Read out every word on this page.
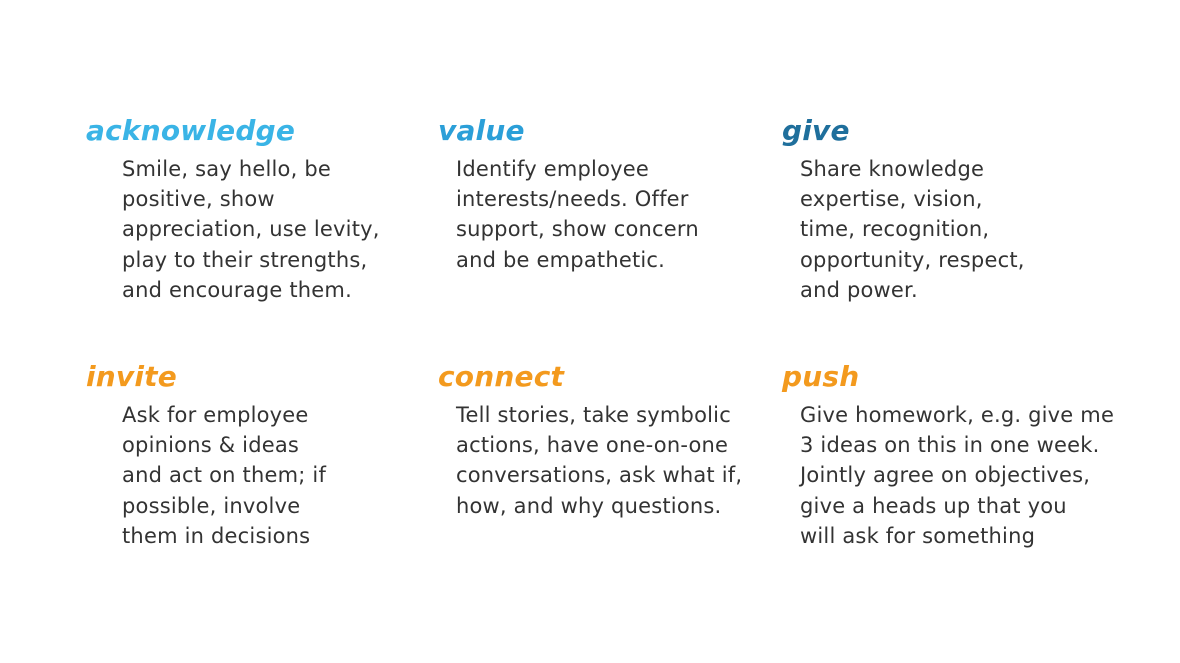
acknowledge
Smile, say hello, be
positive, show
appreciation, use levity,
play to their strengths,
and encourage them.
value
Identify employee
interests/needs. Offer
support, show concern
and be empathetic.
give
Share knowledge
expertise, vision,
time, recognition,
opportunity, respect,
and power.
invite
Ask for employee
opinions & ideas
and act on them; if
possible, involve
them in decisions
connect
Tell stories, take symbolic
actions, have one-on-one
conversations, ask what if,
how, and why questions.
push
Give homework, e.g. give me
3 ideas on this in one week.
Jointly agree on objectives,
give a heads up that you
will ask for something
